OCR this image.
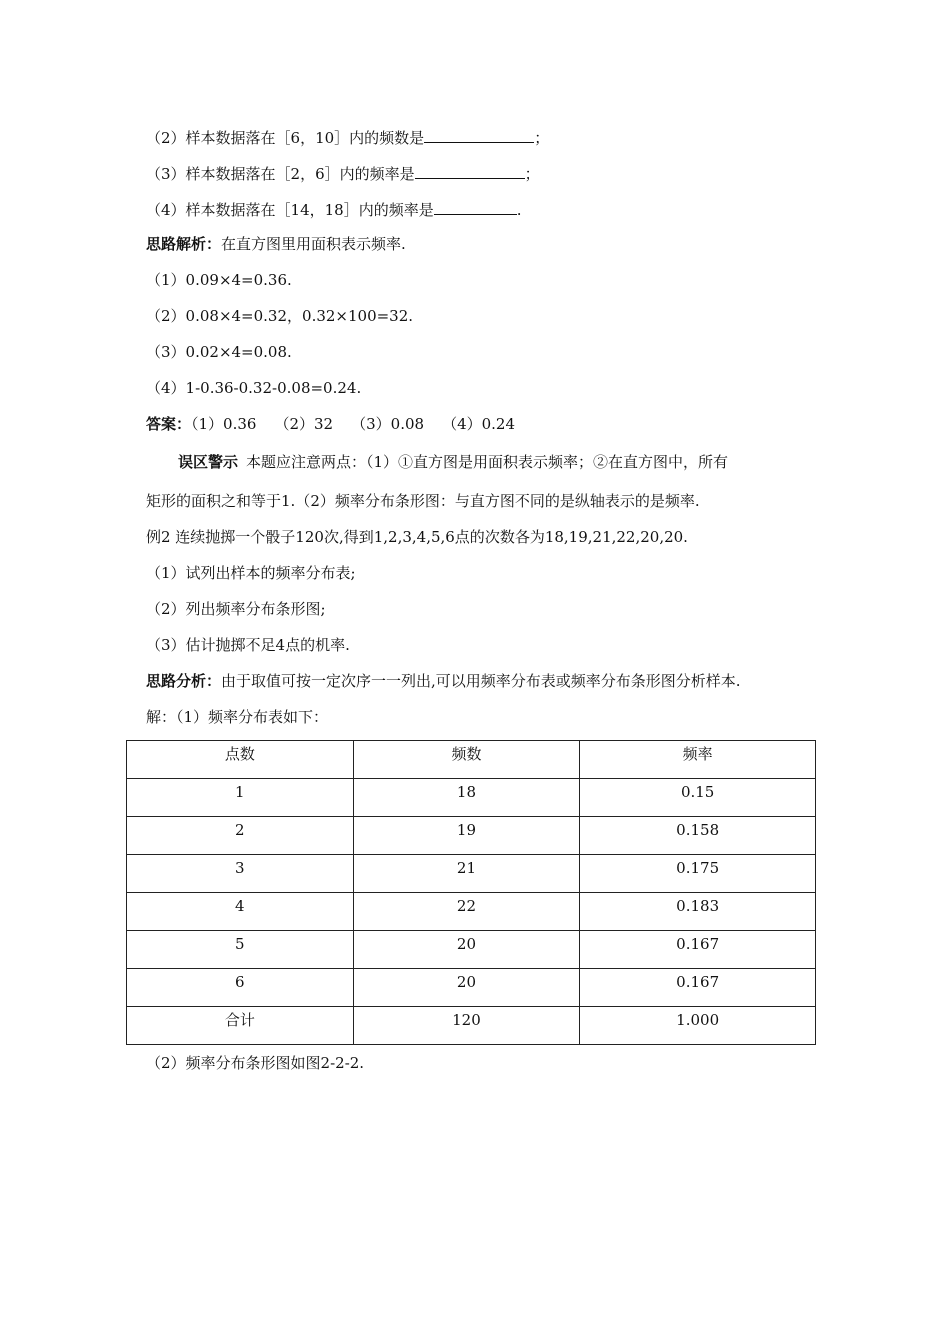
（2）样本数据落在［6，10］内的频数是	；
（3）样本数据落在［2，6］内的频率是	；
（4）样本数据落在［14，18］内的频率是	.
思路解析：在直方图里用面积表示频率.
（1）0.09×4=0.36.
（2）0.08×4=0.32，0.32×100=32.
（3）0.02×4=0.08.
（4）1-0.36-0.32-0.08=0.24.
答案：（1）0.36 （2）32 （3）0.08 （4）0.24
误区警示 本题应注意两点：（1）①直方图是用面积表示频率；②在直方图中，所有
矩形的面积之和等于1.（2）频率分布条形图：与直方图不同的是纵轴表示的是频率.
例2 连续抛掷一个骰子120次,得到1,2,3,4,5,6点的次数各为18,19,21,22,20,20.
（1）试列出样本的频率分布表;
（2）列出频率分布条形图;
（3）估计抛掷不足4点的机率.
思路分析：由于取值可按一定次序一一列出,可以用频率分布表或频率分布条形图分析样本.
解：（1）频率分布表如下：
点数	频数	频率
1	18	0.15
2	19	0.158
3	21	0.175
4	22	0.183
5	20	0.167
6	20	0.167
合计	120	1.000
（2）频率分布条形图如图2-2-2.
